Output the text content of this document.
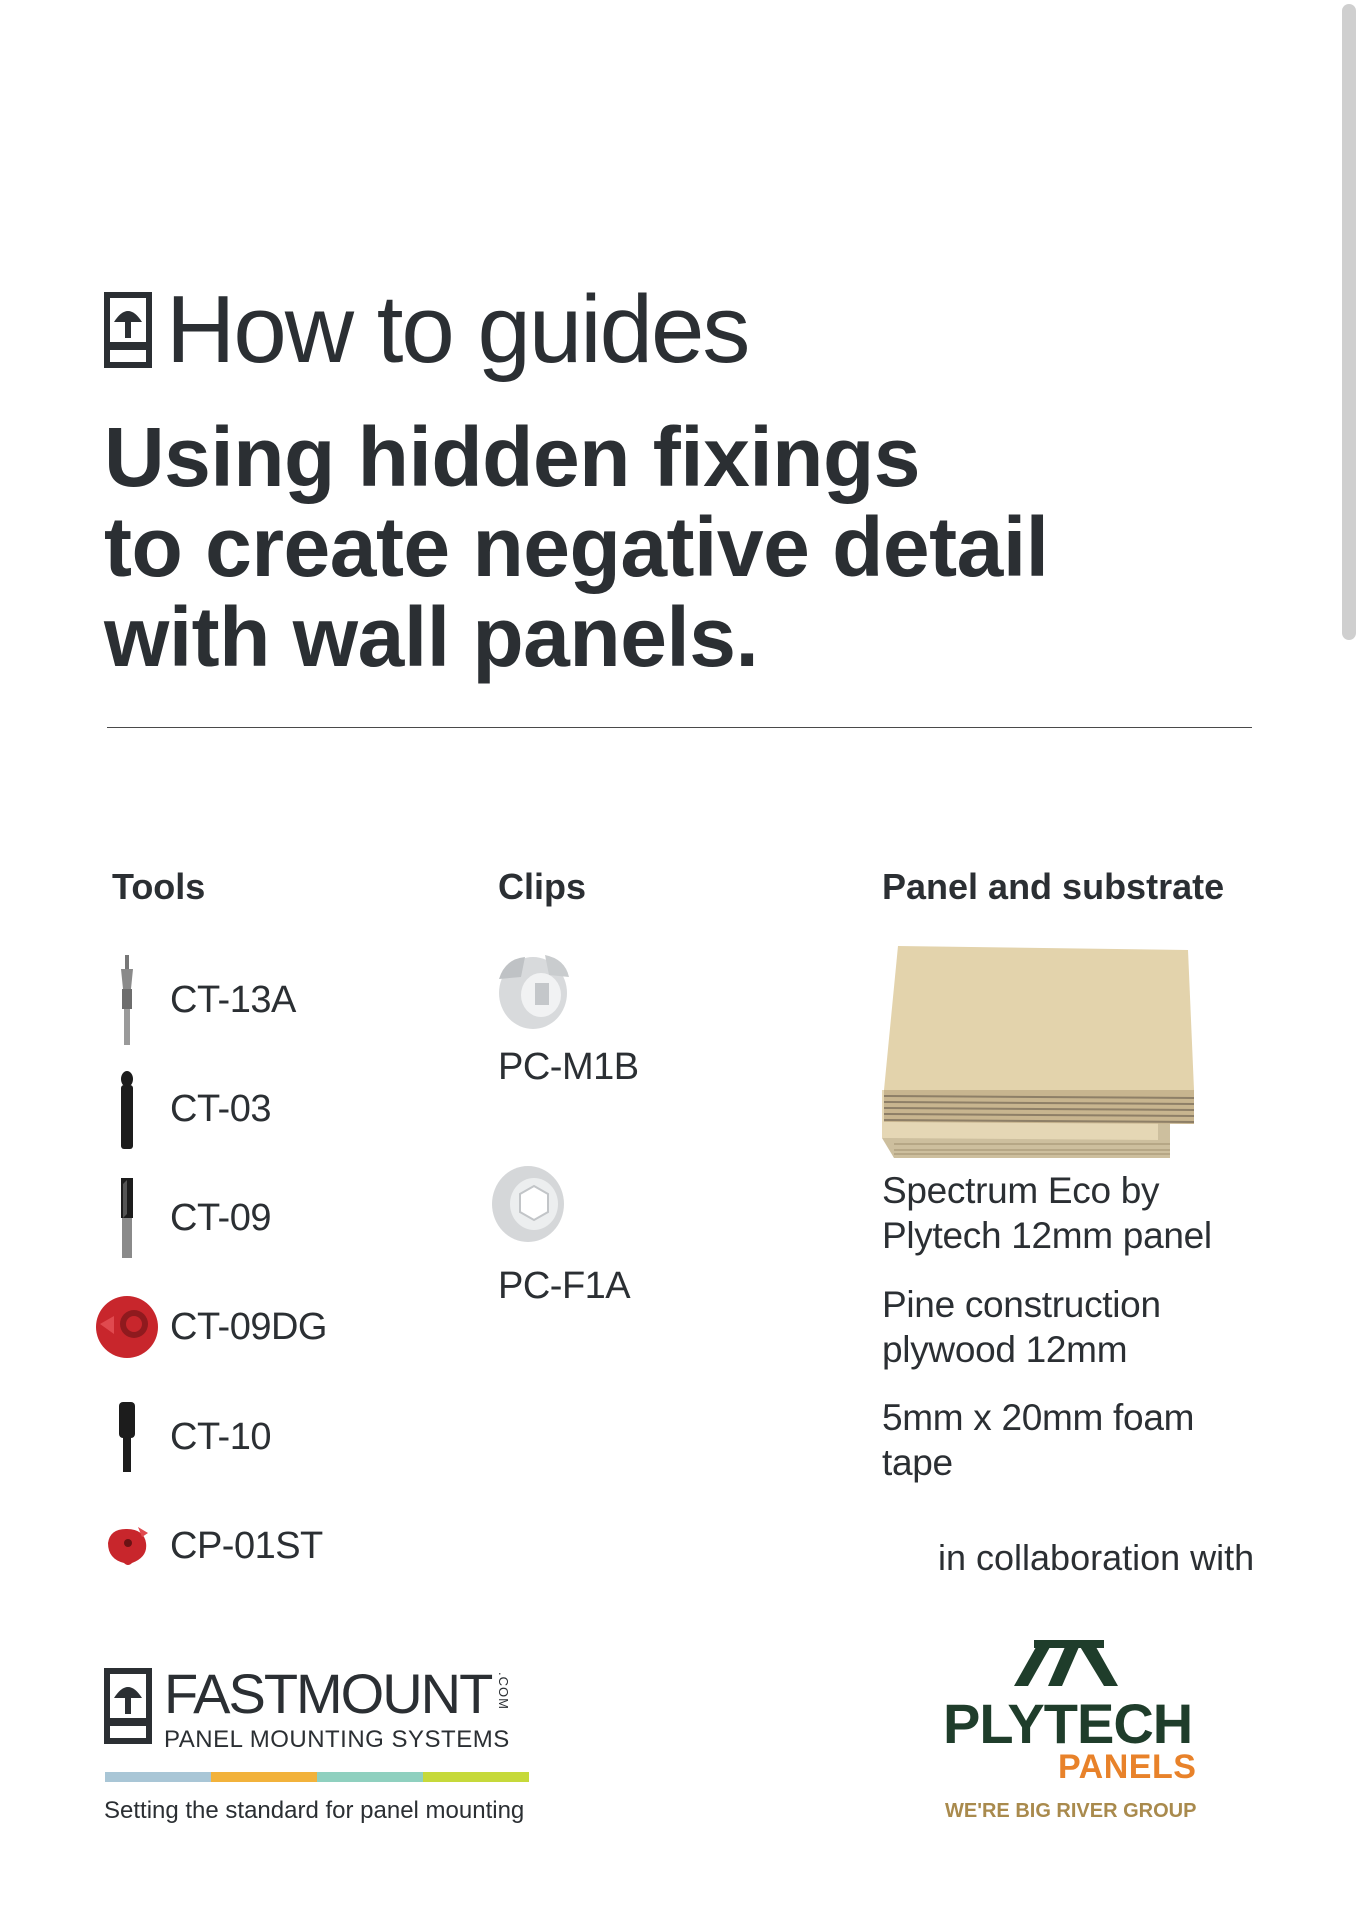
How to guides
Using hidden fixings
to create negative detail
with wall panels.
Tools	Clips	Panel and substrate
CT-13A
CT-03
CT-09
CT-09DG
CT-10
CP-01ST
PC-M1B
PC-F1A
Spectrum Eco by Plytech 12mm panel
Pine construction plywood 12mm
5mm x 20mm foam tape
in collaboration with
FASTMOUNT .COM
PANEL MOUNTING SYSTEMS
Setting the standard for panel mounting
PLYTECH
PANELS
WE'RE BIG RIVER GROUP
